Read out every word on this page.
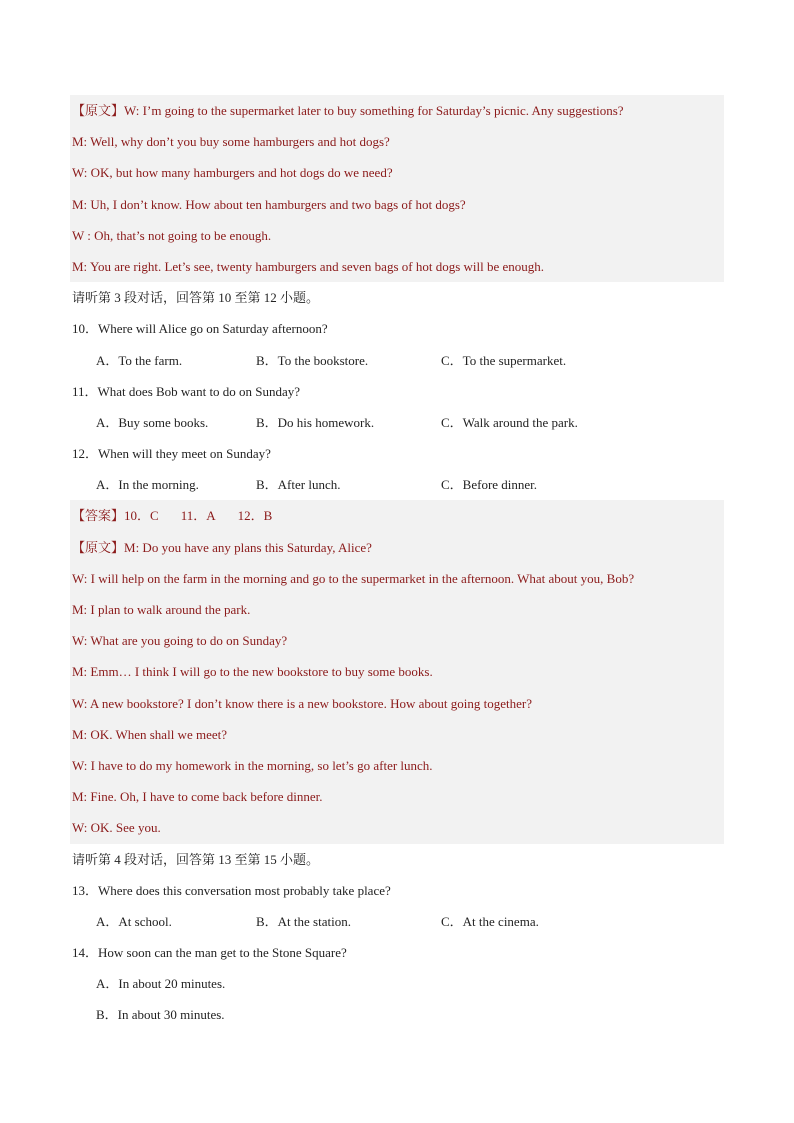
【原文】W: I’m going to the supermarket later to buy something for Saturday’s picnic. Any suggestions?
M: Well, why don’t you buy some hamburgers and hot dogs?
W: OK, but how many hamburgers and hot dogs do we need?
M: Uh, I don’t know. How about ten hamburgers and two bags of hot dogs?
W : Oh, that’s not going to be enough.
M: You are right. Let’s see, twenty hamburgers and seven bags of hot dogs will be enough.
请听第 3 段对话，回答第 10 至第 12 小题。
10．Where will Alice go on Saturday afternoon?
A．To the farm.	B．To the bookstore.	C．To the supermarket.
11．What does Bob want to do on Sunday?
A．Buy some books.	B．Do his homework.	C．Walk around the park.
12．When will they meet on Sunday?
A．In the morning.	B．After lunch.	C．Before dinner.
【答案】10．C 11．A 12．B
【原文】M: Do you have any plans this Saturday, Alice?
W: I will help on the farm in the morning and go to the supermarket in the afternoon. What about you, Bob?
M: I plan to walk around the park.
W: What are you going to do on Sunday?
M: Emm… I think I will go to the new bookstore to buy some books.
W: A new bookstore? I don’t know there is a new bookstore. How about going together?
M: OK. When shall we meet?
W: I have to do my homework in the morning, so let’s go after lunch.
M: Fine. Oh, I have to come back before dinner.
W: OK. See you.
请听第 4 段对话，回答第 13 至第 15 小题。
13．Where does this conversation most probably take place?
A．At school.	B．At the station.	C．At the cinema.
14．How soon can the man get to the Stone Square?
A．In about 20 minutes.
B．In about 30 minutes.
